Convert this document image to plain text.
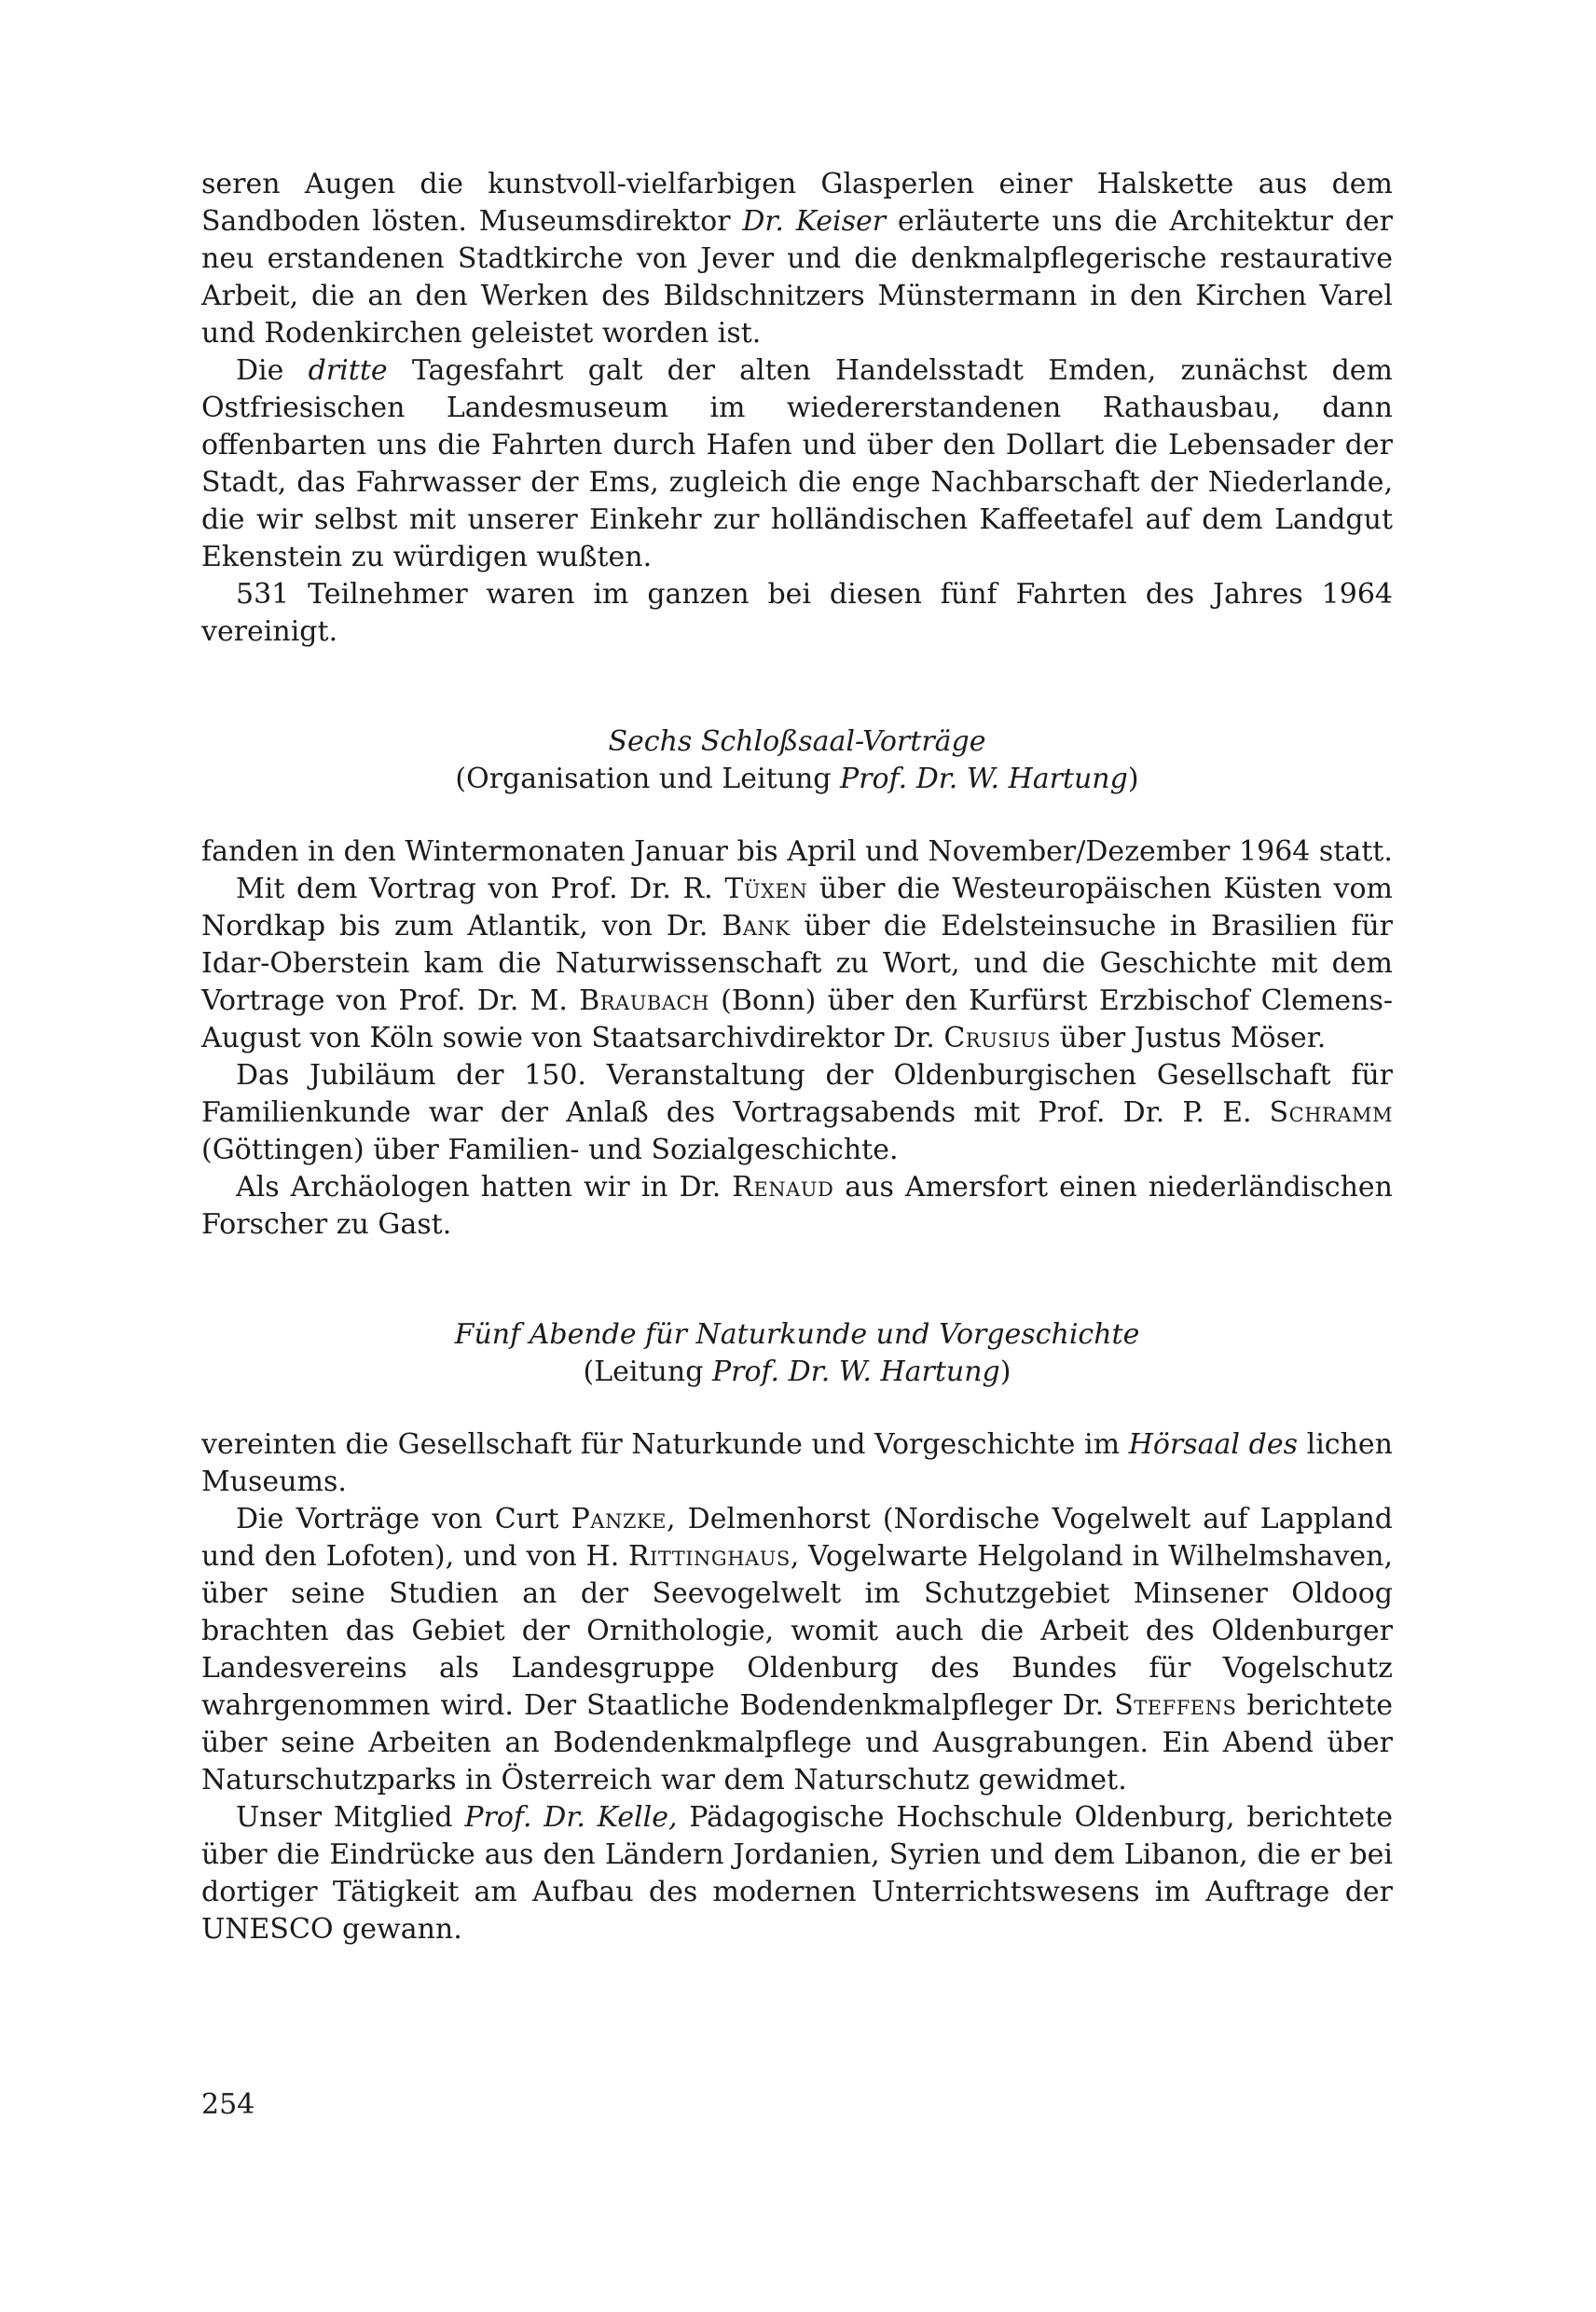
seren Augen die kunstvoll-vielfarbigen Glasperlen einer Halskette aus dem Sandboden lösten. Museumsdirektor Dr. Keiser erläuterte uns die Architektur der neu erstandenen Stadtkirche von Jever und die denkmalpflegerische restaurative Arbeit, die an den Werken des Bildschnitzers Münstermann in den Kirchen Varel und Rodenkirchen geleistet worden ist.

Die dritte Tagesfahrt galt der alten Handelsstadt Emden, zunächst dem Ostfriesischen Landesmuseum im wiedererstandenen Rathausbau, dann offenbarten uns die Fahrten durch Hafen und über den Dollart die Lebensader der Stadt, das Fahrwasser der Ems, zugleich die enge Nachbarschaft der Niederlande, die wir selbst mit unserer Einkehr zur holländischen Kaffeetafel auf dem Landgut Ekenstein zu würdigen wußten.

531 Teilnehmer waren im ganzen bei diesen fünf Fahrten des Jahres 1964 vereinigt.

Sechs Schloßsaal-Vorträge
(Organisation und Leitung Prof. Dr. W. Hartung)

fanden in den Wintermonaten Januar bis April und November/Dezember 1964 statt.

Mit dem Vortrag von Prof. Dr. R. Tüxen über die Westeuropäischen Küsten vom Nordkap bis zum Atlantik, von Dr. Bank über die Edelsteinsuche in Brasilien für Idar-Oberstein kam die Naturwissenschaft zu Wort, und die Geschichte mit dem Vortrage von Prof. Dr. M. Braubach (Bonn) über den Kurfürst Erzbischof Clemens-August von Köln sowie von Staatsarchivdirektor Dr. Crusius über Justus Möser.

Das Jubiläum der 150. Veranstaltung der Oldenburgischen Gesellschaft für Familienkunde war der Anlaß des Vortragsabends mit Prof. Dr. P. E. Schramm (Göttingen) über Familien- und Sozialgeschichte.

Als Archäologen hatten wir in Dr. Renaud aus Amersfort einen niederländischen Forscher zu Gast.

Fünf Abende für Naturkunde und Vorgeschichte
(Leitung Prof. Dr. W. Hartung)

vereinten die Gesellschaft für Naturkunde und Vorgeschichte im Hörsaal des lichen Museums.

Die Vorträge von Curt Panzke, Delmenhorst (Nordische Vogelwelt auf Lappland und den Lofoten), und von H. Rittinghaus, Vogelwarte Helgoland in Wilhelmshaven, über seine Studien an der Seevogelwelt im Schutzgebiet Minsener Oldoog brachten das Gebiet der Ornithologie, womit auch die Arbeit des Oldenburger Landesvereins als Landesgruppe Oldenburg des Bundes für Vogelschutz wahrgenommen wird. Der Staatliche Bodendenkmalpfleger Dr. Steffens berichtete über seine Arbeiten an Bodendenkmalpflege und Ausgrabungen. Ein Abend über Naturschutzparks in Österreich war dem Naturschutz gewidmet.

Unser Mitglied Prof. Dr. Kelle, Pädagogische Hochschule Oldenburg, berichtete über die Eindrücke aus den Ländern Jordanien, Syrien und dem Libanon, die er bei dortiger Tätigkeit am Aufbau des modernen Unterrichtswesens im Auftrage der UNESCO gewann.

254
